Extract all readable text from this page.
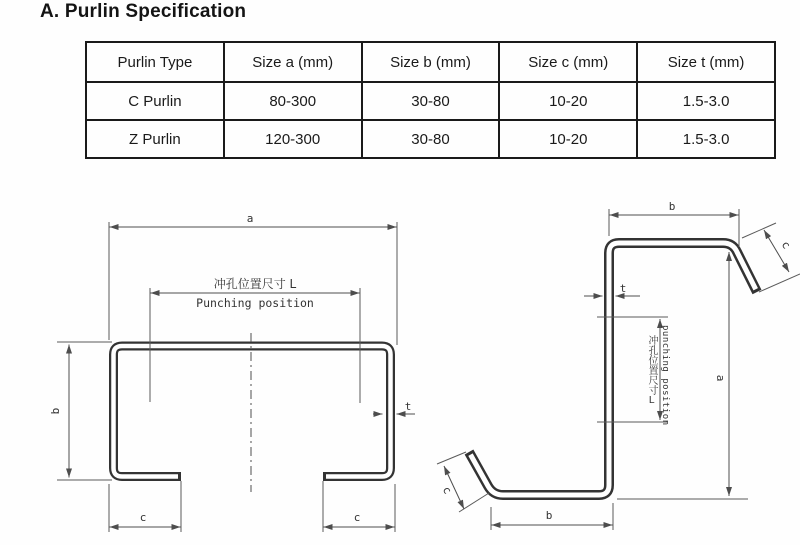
A. Purlin Specification
Purlin Type	Size a (mm)	Size b (mm)	Size c (mm)	Size t (mm)
C Purlin	80-300	30-80	10-20	1.5-3.0
Z Purlin	120-300	30-80	10-20	1.5-3.0
a
冲孔位置尺寸 L
Punching position
b	t
c	c
b
c
t
a
b
c
冲孔位置尺寸L punching position
